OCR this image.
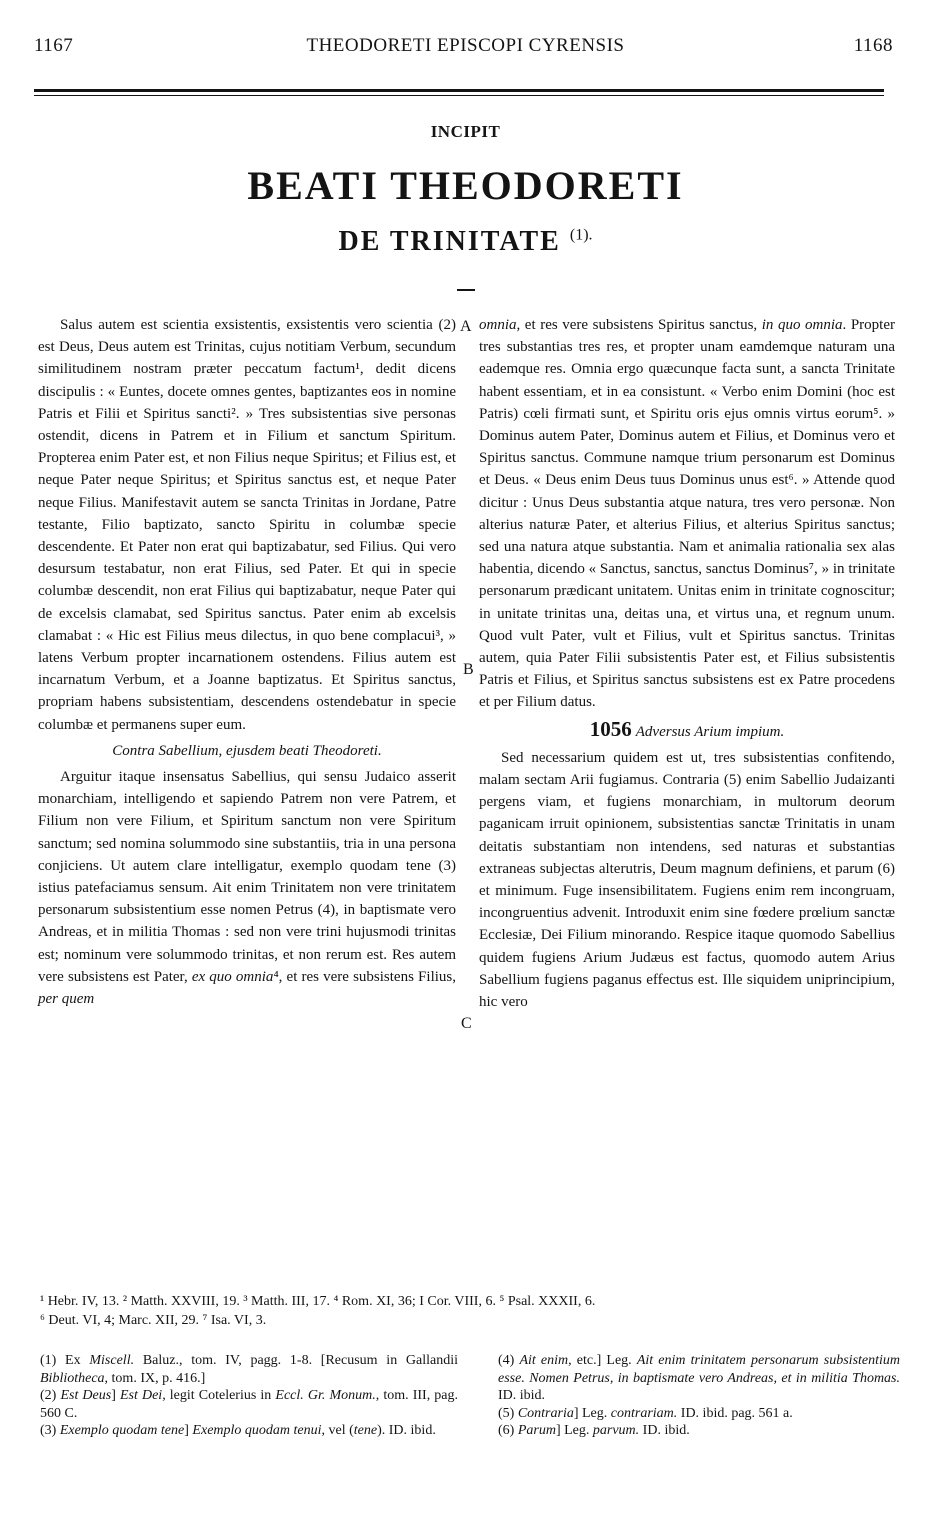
1167	THEODORETI EPISCOPI CYRENSIS	1168
INCIPIT
BEATI THEODORETI
DE TRINITATE $^{(1).}$
A
B
C

Salus autem est scientia exsistentis, exsistentis vero scientia (2) est Deus, Deus autem est Trinitas, cujus notitiam Verbum, secundum similitudinem nostram præter peccatum factum¹, dedit dicens discipulis : « Euntes, docete omnes gentes, baptizantes eos in nomine Patris et Filii et Spiritus sancti². » Tres subsistentias sive personas ostendit, dicens in Patrem et in Filium et sanctum Spiritum. Propterea enim Pater est, et non Filius neque Spiritus; et Filius est, et neque Pater neque Spiritus; et Spiritus sanctus est, et neque Pater neque Filius. Manifestavit autem se sancta Trinitas in Jordane, Patre testante, Filio baptizato, sancto Spiritu in columbæ specie descendente. Et Pater non erat qui baptizabatur, sed Filius. Qui vero desursum testabatur, non erat Filius, sed Pater. Et qui in specie columbæ descendit, non erat Filius qui baptizabatur, neque Pater qui de excelsis clamabat, sed Spiritus sanctus. Pater enim ab excelsis clamabat : « Hic est Filius meus dilectus, in quo bene complacui³, » latens Verbum propter incarnationem ostendens. Filius autem est incarnatum Verbum, et a Joanne baptizatus. Et Spiritus sanctus, propriam habens subsistentiam, descendens ostendebatur in specie columbæ et permanens super eum.

Contra Sabellium, ejusdem beati Theodoreti.

Arguitur itaque insensatus Sabellius, qui sensu Judaico asserit monarchiam, intelligendo et sapiendo Patrem non vere Patrem, et Filium non vere Filium, et Spiritum sanctum non vere Spiritum sanctum; sed nomina solummodo sine substantiis, tria in una persona conjiciens. Ut autem clare intelligatur, exemplo quodam tene (3) istius patefaciamus sensum. Ait enim Trinitatem non vere trinitatem personarum subsistentium esse nomen Petrus (4), in baptismate vero Andreas, et in militia Thomas : sed non vere trini hujusmodi trinitas est; nominum vere solummodo trinitas, et non rerum est. Res autem vere subsistens est Pater, ex quo omnia⁴, et res vere subsistens Filius, per quem

omnia, et res vere subsistens Spiritus sanctus, in quo omnia. Propter tres substantias tres res, et propter unam eamdemque naturam una eademque res. Omnia ergo quæcunque facta sunt, a sancta Trinitate habent essentiam, et in ea consistunt. « Verbo enim Domini (hoc est Patris) cœli firmati sunt, et Spiritu oris ejus omnis virtus eorum⁵. » Dominus autem Pater, Dominus autem et Filius, et Dominus vero et Spiritus sanctus. Commune namque trium personarum est Dominus et Deus. « Deus enim Deus tuus Dominus unus est⁶. » Attende quod dicitur : Unus Deus substantia atque natura, tres vero personæ. Non alterius naturæ Pater, et alterius Filius, et alterius Spiritus sanctus; sed una natura atque substantia. Nam et animalia rationalia sex alas habentia, dicendo « Sanctus, sanctus, sanctus Dominus⁷, » in trinitate personarum prædicant unitatem. Unitas enim in trinitate cognoscitur; in unitate trinitas una, deitas una, et virtus una, et regnum unum. Quod vult Pater, vult et Filius, vult et Spiritus sanctus. Trinitas autem, quia Pater Filii subsistentis Pater est, et Filius subsistentis Patris et Filius, et Spiritus sanctus subsistens est ex Patre procedens et per Filium datus.

1056 Adversus Arium impium.

Sed necessarium quidem est ut, tres subsistentias confitendo, malam sectam Arii fugiamus. Contraria (5) enim Sabellio Judaizanti pergens viam, et fugiens monarchiam, in multorum deorum paganicam irruit opinionem, subsistentias sanctæ Trinitatis in unam deitatis substantiam non intendens, sed naturas et substantias extraneas subjectas alterutris, Deum magnum definiens, et parum (6) et minimum. Fuge insensibilitatem. Fugiens enim rem incongruam, incongruentius advenit. Introduxit enim sine fœdere prœlium sanctæ Ecclesiæ, Dei Filium minorando. Respice itaque quomodo Sabellius quidem fugiens Arium Judæus est factus, quomodo autem Arius Sabellium fugiens paganus effectus est. Ille siquidem uniprincipium, hic vero

¹ Hebr. IV, 13. ² Matth. XXVIII, 19. ³ Matth. III, 17. ⁴ Rom. XI, 36; I Cor. VIII, 6. ⁵ Psal. XXXII, 6.
⁶ Deut. VI, 4; Marc. XII, 29. ⁷ Isa. VI, 3.

(1) Ex Miscell. Baluz., tom. IV, pagg. 1-8. [Recusum in Gallandii Bibliotheca, tom. IX, p. 416.]

(2) Est Deus] Est Dei, legit Cotelerius in Eccl. Gr. Monum., tom. III, pag. 560 C.

(3) Exemplo quodam tene] Exemplo quodam tenui, vel (tene). ID. ibid.

(4) Ait enim, etc.] Leg. Ait enim trinitatem personarum subsistentium esse. Nomen Petrus, in baptismate vero Andreas, et in militia Thomas. ID. ibid.

(5) Contraria] Leg. contrariam. ID. ibid. pag. 561 a.

(6) Parum] Leg. parvum. ID. ibid.
